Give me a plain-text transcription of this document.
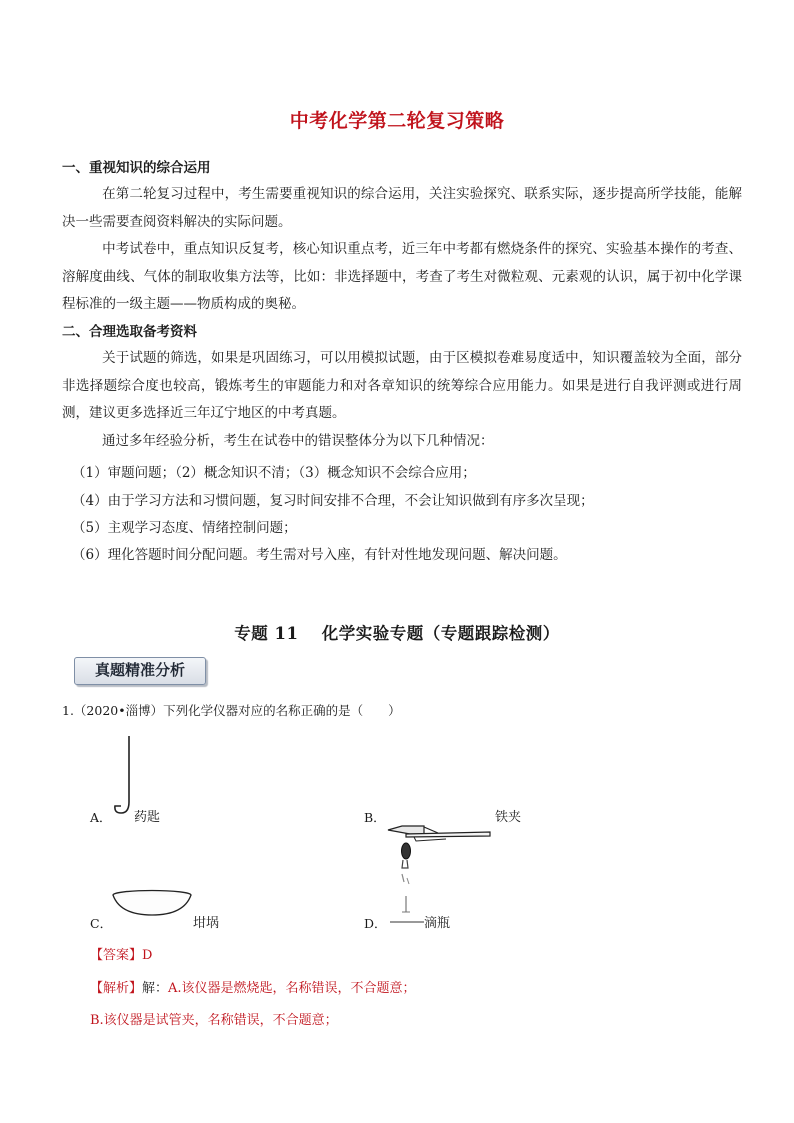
中考化学第二轮复习策略
一、重视知识的综合运用
在第二轮复习过程中，考生需要重视知识的综合运用，关注实验探究、联系实际，逐步提高所学技能，能解决一些需要查阅资料解决的实际问题。
中考试卷中，重点知识反复考，核心知识重点考，近三年中考都有燃烧条件的探究、实验基本操作的考查、溶解度曲线、气体的制取收集方法等，比如：非选择题中，考查了考生对微粒观、元素观的认识，属于初中化学课程标准的一级主题——物质构成的奥秘。
二、合理选取备考资料
关于试题的筛选，如果是巩固练习，可以用模拟试题，由于区模拟卷难易度适中，知识覆盖较为全面，部分非选择题综合度也较高，锻炼考生的审题能力和对各章知识的统筹综合应用能力。如果是进行自我评测或进行周测，建议更多选择近三年辽宁地区的中考真题。
通过多年经验分析，考生在试卷中的错误整体分为以下几种情况：
（1）审题问题；（2）概念知识不清；（3）概念知识不会综合应用；
（4）由于学习方法和习惯问题，复习时间安排不合理，不会让知识做到有序多次呈现；
（5）主观学习态度、情绪控制问题；
（6）理化答题时间分配问题。考生需对号入座，有针对性地发现问题、解决问题。
专题 11　 化学实验专题（专题跟踪检测）
真题精准分析
1.（2020•淄博）下列化学仪器对应的名称正确的是（　　）
A． 药匙	B．	铁夹
C．	坩埚	D．	滴瓶
【答案】D
【解析】解：A.该仪器是燃烧匙，名称错误，不合题意；
B.该仪器是试管夹，名称错误，不合题意；
